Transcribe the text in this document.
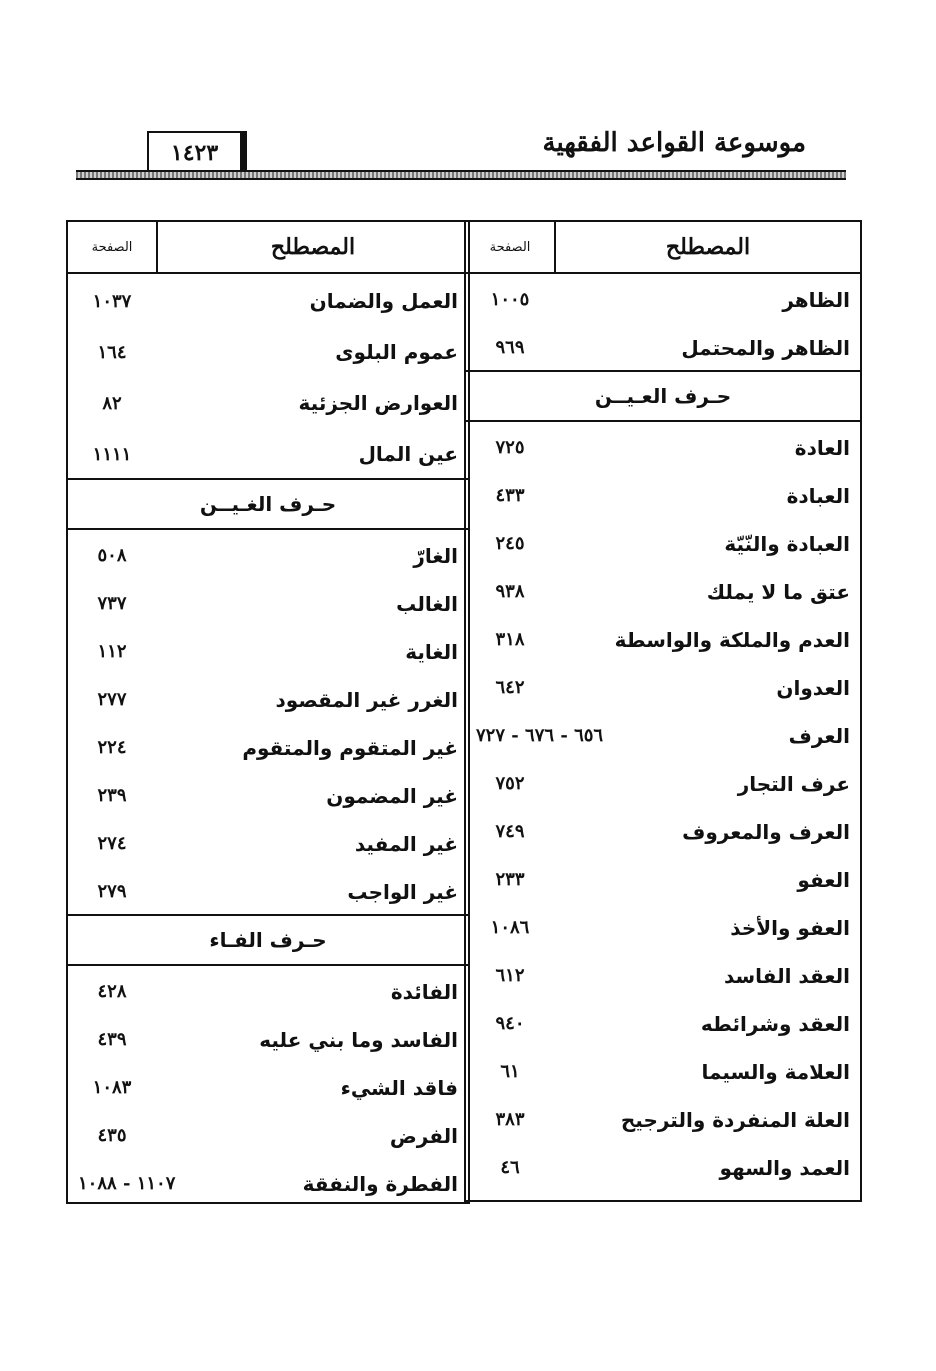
موسوعة القواعد الفقهية
١٤٢٣
المصطلح
الصفحة
الظاهر
١٠٠٥
الظاهر والمحتمل
٩٦٩
حـرف العـيــن
العادة
٧٢٥
العبادة
٤٣٣
العبادة والنّيّة
٢٤٥
عتق ما لا يملك
٩٣٨
العدم والملكة والواسطة
٣١٨
العدوان
٦٤٢
العرف
٦٥٦ - ٦٧٦ - ٧٢٧
عرف التجار
٧٥٢
العرف والمعروف
٧٤٩
العفو
٢٣٣
العفو والأخذ
١٠٨٦
العقد الفاسد
٦١٢
العقد وشرائطه
٩٤٠
العلامة والسيما
٦١
العلة المنفردة والترجيح
٣٨٣
العمد والسهو
٤٦
المصطلح
الصفحة
العمل والضمان
١٠٣٧
عموم البلوى
١٦٤
العوارض الجزئية
٨٢
عين المال
١١١١
حـرف الغـيــن
الغارّ
٥٠٨
الغالب
٧٣٧
الغاية
١١٢
الغرر غير المقصود
٢٧٧
غير المتقوم والمتقوم
٢٢٤
غير المضمون
٢٣٩
غير المفيد
٢٧٤
غير الواجب
٢٧٩
حـرف الفـاء
الفائدة
٤٢٨
الفاسد وما بني عليه
٤٣٩
فاقد الشيء
١٠٨٣
الفرض
٤٣٥
الفطرة والنفقة
١١٠٧ - ١٠٨٨
